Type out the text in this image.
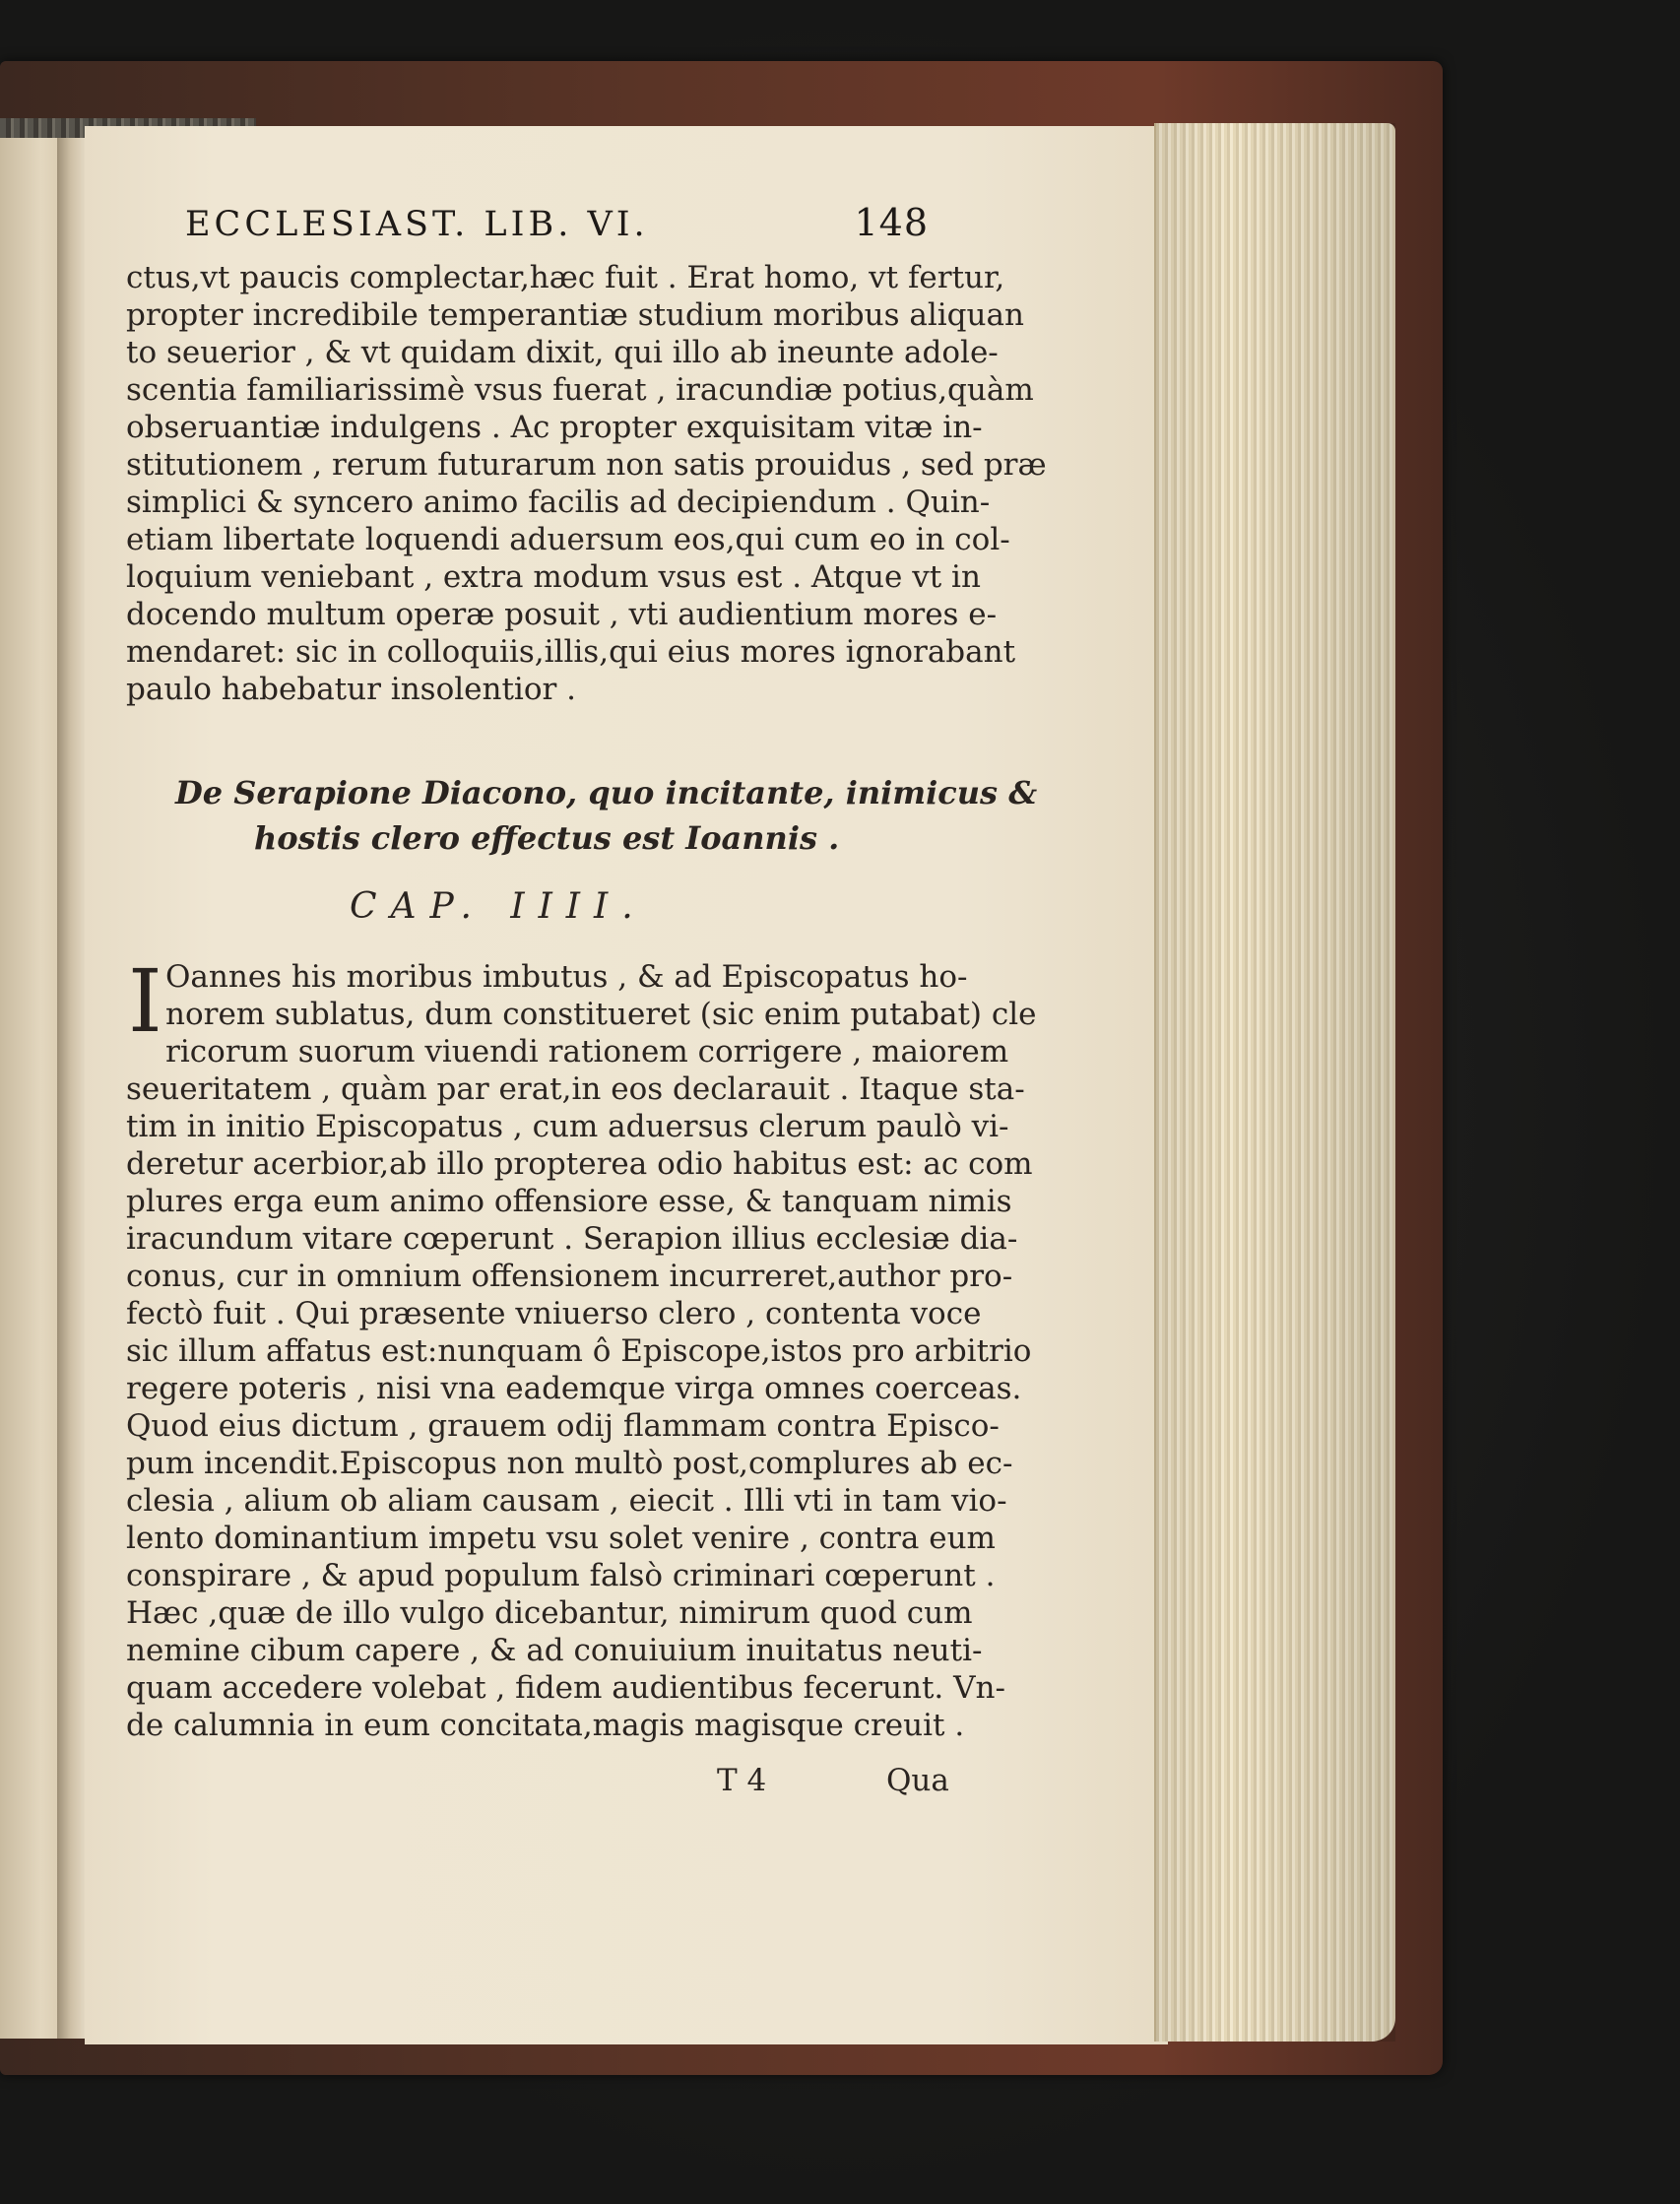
ECCLESIAST. LIB. VI.	148
ctus,vt paucis complectar,hæc fuit . Erat homo, vt fertur,
propter incredibile temperantiæ studium moribus aliquan
to seuerior , & vt quidam dixit, qui illo ab ineunte adole-
scentia familiarissimè vsus fuerat , iracundiæ potius,quàm
obseruantiæ indulgens . Ac propter exquisitam vitæ in-
stitutionem , rerum futurarum non satis prouidus , sed præ
simplici & syncero animo facilis ad decipiendum . Quin-
etiam libertate loquendi aduersum eos,qui cum eo in col-
loquium veniebant , extra modum vsus est . Atque vt in
docendo multum operæ posuit , vti audientium mores e-
mendaret: sic in colloquiis,illis,qui eius mores ignorabant
paulo habebatur insolentior .
De Serapione Diacono, quo incitante, inimicus &
hostis clero effectus est Ioannis .
CAP. IIII.
I Oannes his moribus imbutus , & ad Episcopatus ho-
norem sublatus, dum constitueret (sic enim putabat) cle
ricorum suorum viuendi rationem corrigere , maiorem
seueritatem , quàm par erat,in eos declarauit . Itaque sta-
tim in initio Episcopatus , cum aduersus clerum paulò vi-
deretur acerbior,ab illo propterea odio habitus est: ac com
plures erga eum animo offensiore esse, & tanquam nimis
iracundum vitare cœperunt . Serapion illius ecclesiæ dia-
conus, cur in omnium offensionem incurreret,author pro-
fectò fuit . Qui præsente vniuerso clero , contenta voce
sic illum affatus est:nunquam ô Episcope,istos pro arbitrio
regere poteris , nisi vna eademque virga omnes coerceas.
Quod eius dictum , grauem odij flammam contra Episco-
pum incendit.Episcopus non multò post,complures ab ec-
clesia , alium ob aliam causam , eiecit . Illi vti in tam vio-
lento dominantium impetu vsu solet venire , contra eum
conspirare , & apud populum falsò criminari cœperunt .
Hæc ,quæ de illo vulgo dicebantur, nimirum quod cum
nemine cibum capere , & ad conuiuium inuitatus neuti-
quam accedere volebat , fidem audientibus fecerunt. Vn-
de calumnia in eum concitata,magis magisque creuit .
T 4	Qua
